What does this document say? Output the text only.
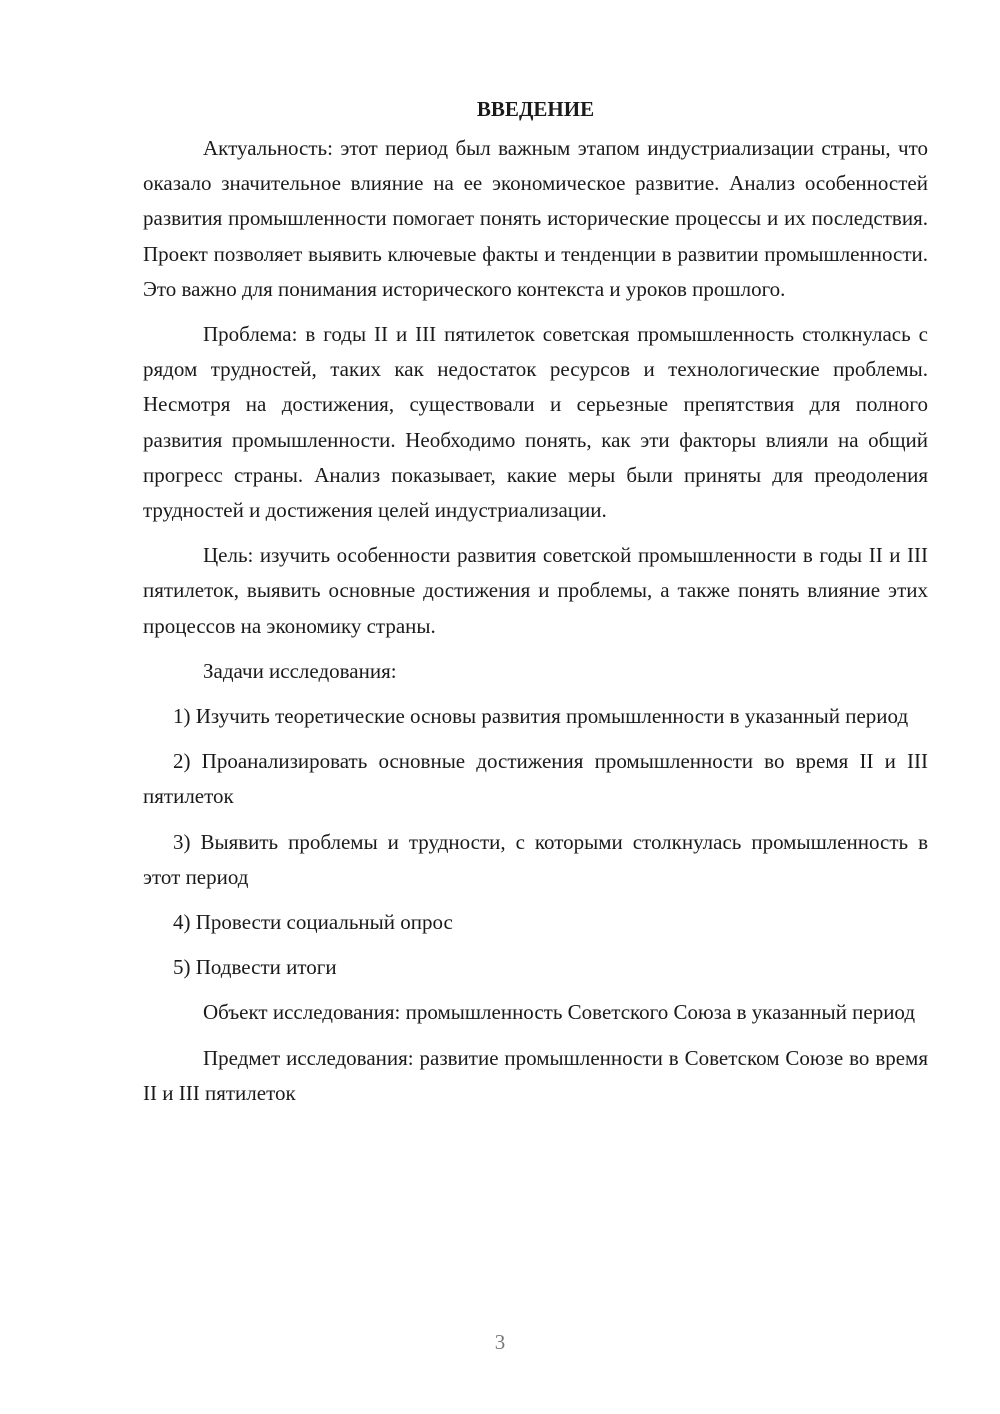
ВВЕДЕНИЕ

Актуальность: этот период был важным этапом индустриализации страны, что оказало значительное влияние на ее экономическое развитие. Анализ особенностей развития промышленности помогает понять исторические процессы и их последствия. Проект позволяет выявить ключевые факты и тенденции в развитии промышленности. Это важно для понимания исторического контекста и уроков прошлого.

Проблема: в годы II и III пятилеток советская промышленность столкнулась с рядом трудностей, таких как недостаток ресурсов и технологические проблемы. Несмотря на достижения, существовали и серьезные препятствия для полного развития промышленности. Необходимо понять, как эти факторы влияли на общий прогресс страны. Анализ показывает, какие меры были приняты для преодоления трудностей и достижения целей индустриализации.

Цель: изучить особенности развития советской промышленности в годы II и III пятилеток, выявить основные достижения и проблемы, а также понять влияние этих процессов на экономику страны.

Задачи исследования:

1) Изучить теоретические основы развития промышленности в указанный период

2) Проанализировать основные достижения промышленности во время II и III пятилеток

3) Выявить проблемы и трудности, с которыми столкнулась промышленность в этот период

4) Провести социальный опрос

5) Подвести итоги

Объект исследования: промышленность Советского Союза в указанный период

Предмет исследования: развитие промышленности в Советском Союзе во время II и III пятилеток

3
